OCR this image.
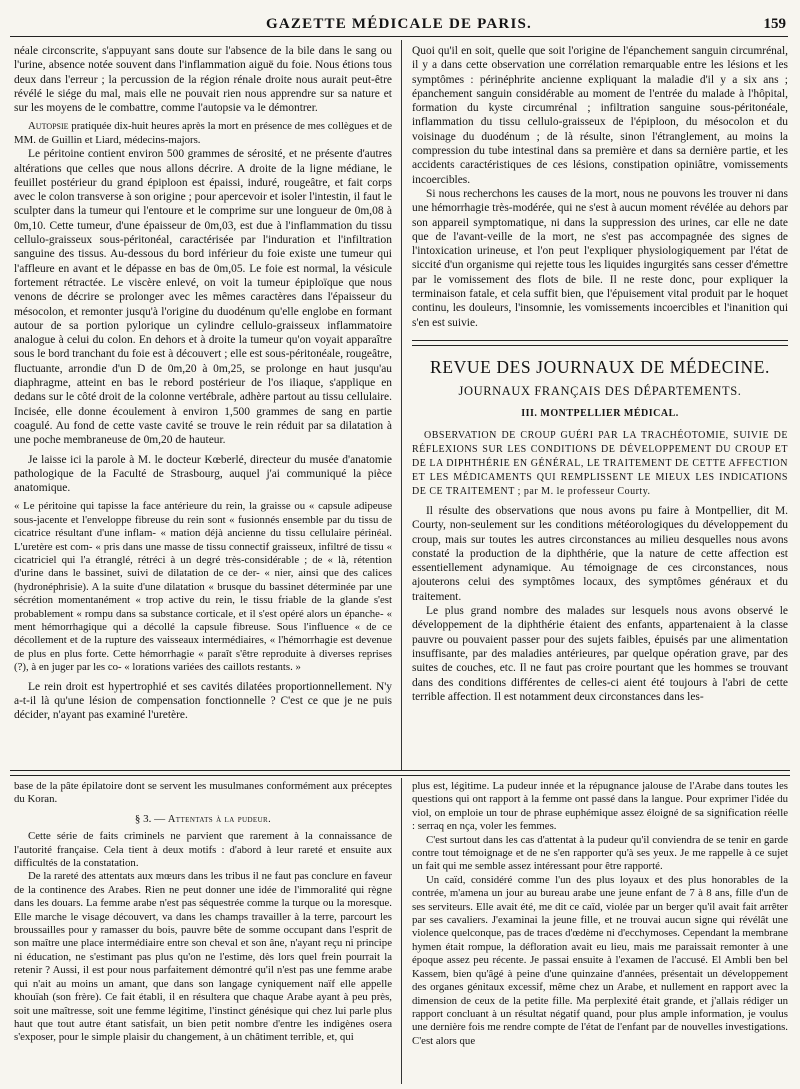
GAZETTE MÉDICALE DE PARIS.	159

néale circonscrite, s'appuyant sans doute sur l'absence de la bile dans le sang ou l'urine, absence notée souvent dans l'inflammation aiguë du foie. Nous étions tous deux dans l'erreur ; la percussion de la région rénale droite nous aurait peut-être révélé le siége du mal, mais elle ne pouvait rien nous apprendre sur sa nature et sur les moyens de le combattre, comme l'autopsie va le démontrer.

Autopsie pratiquée dix-huit heures après la mort en présence de mes collègues et de MM. de Guillin et Liard, médecins-majors.

Le péritoine contient environ 500 grammes de sérosité, et ne présente d'autres altérations que celles que nous allons décrire. A droite de la ligne médiane, le feuillet postérieur du grand épiploon est épaissi, induré, rougeâtre, et fait corps avec le colon transverse à son origine ; pour apercevoir et isoler l'intestin, il faut le sculpter dans la tumeur qui l'entoure et le comprime sur une longueur de 0m,08 à 0m,10. Cette tumeur, d'une épaisseur de 0m,03, est due à l'inflammation du tissu cellulo-graisseux sous-péritonéal, caractérisée par l'induration et l'infiltration sanguine des tissus. Au-dessous du bord inférieur du foie existe une tumeur qui l'affleure en avant et le dépasse en bas de 0m,05. Le foie est normal, la vésicule fortement rétractée. Le viscère enlevé, on voit la tumeur épiploïque que nous venons de décrire se prolonger avec les mêmes caractères dans l'épaisseur du mésocolon, et remonter jusqu'à l'origine du duodénum qu'elle englobe en formant autour de sa portion pylorique un cylindre cellulo-graisseux inflammatoire analogue à celui du colon. En dehors et à droite la tumeur qu'on voyait apparaître sous le bord tranchant du foie est à découvert ; elle est sous-péritonéale, rougeâtre, fluctuante, arrondie d'un D de 0m,20 à 0m,25, se prolonge en haut jusqu'au diaphragme, atteint en bas le rebord postérieur de l'os iliaque, s'applique en dedans sur le côté droit de la colonne vertébrale, adhère partout au tissu cellulaire. Incisée, elle donne écoulement à environ 1,500 grammes de sang en partie coagulé. Au fond de cette vaste cavité se trouve le rein réduit par sa dilatation à une poche membraneuse de 0m,20 de hauteur.

Je laisse ici la parole à M. le docteur Kœberlé, directeur du musée d'anatomie pathologique de la Faculté de Strasbourg, auquel j'ai communiqué la pièce anatomique.

« Le péritoine qui tapisse la face antérieure du rein, la graisse ou « capsule adipeuse sous-jacente et l'enveloppe fibreuse du rein sont « fusionnés ensemble par du tissu de cicatrice résultant d'une inflam- « mation déjà ancienne du tissu cellulaire périnéal. L'uretère est com- « pris dans une masse de tissu connectif graisseux, infiltré de tissu « cicatriciel qui l'a étranglé, rétréci à un degré très-considérable ; de « là, rétention d'urine dans le bassinet, suivi de dilatation de ce der- « nier, ainsi que des calices (hydronéphrisie). A la suite d'une dilatation « brusque du bassinet déterminée par une sécrétion momentanément « trop active du rein, le tissu friable de la glande s'est probablement « rompu dans sa substance corticale, et il s'est opéré alors un épanche- « ment hémorrhagique qui a décollé la capsule fibreuse. Sous l'influence « de ce décollement et de la rupture des vaisseaux intermédiaires, « l'hémorrhagie est devenue de plus en plus forte. Cette hémorrhagie « paraît s'être reproduite à diverses reprises (?), à en juger par les co- « lorations variées des caillots restants. »

Le rein droit est hypertrophié et ses cavités dilatées proportionnellement. N'y a-t-il là qu'une lésion de compensation fonctionnelle ? C'est ce que je ne puis décider, n'ayant pas examiné l'uretère.

Quoi qu'il en soit, quelle que soit l'origine de l'épanchement sanguin circumrénal, il y a dans cette observation une corrélation remarquable entre les lésions et les symptômes : périnéphrite ancienne expliquant la maladie d'il y a six ans ; épanchement sanguin considérable au moment de l'entrée du malade à l'hôpital, formation du kyste circumrénal ; infiltration sanguine sous-péritonéale, inflammation du tissu cellulo-graisseux de l'épiploon, du mésocolon et du voisinage du duodénum ; de là résulte, sinon l'étranglement, au moins la compression du tube intestinal dans sa première et dans sa dernière partie, et les accidents caractéristiques de ces lésions, constipation opiniâtre, vomissements incoercibles.

Si nous recherchons les causes de la mort, nous ne pouvons les trouver ni dans une hémorrhagie très-modérée, qui ne s'est à aucun moment révélée au dehors par son appareil symptomatique, ni dans la suppression des urines, car elle ne date que de l'avant-veille de la mort, ne s'est pas accompagnée des signes de l'intoxication urineuse, et l'on peut l'expliquer physiologiquement par l'état de siccité d'un organisme qui rejette tous les liquides ingurgités sans cesser d'émettre par le vomissement des flots de bile. Il ne reste donc, pour expliquer la terminaison fatale, et cela suffit bien, que l'épuisement vital produit par le hoquet continu, les douleurs, l'insomnie, les vomissements incoercibles et l'inanition qui s'en est suivie.

REVUE DES JOURNAUX DE MÉDECINE.
JOURNAUX FRANÇAIS DES DÉPARTEMENTS.
III. MONTPELLIER MÉDICAL.
OBSERVATION DE CROUP GUÉRI PAR LA TRACHÉOTOMIE, SUIVIE DE RÉFLEXIONS SUR LES CONDITIONS DE DÉVELOPPEMENT DU CROUP ET DE LA DIPHTHÉRIE EN GÉNÉRAL, LE TRAITEMENT DE CETTE AFFECTION ET LES MÉDICAMENTS QUI REMPLISSENT LE MIEUX LES INDICATIONS DE CE TRAITEMENT ; par M. le professeur Courty.

Il résulte des observations que nous avons pu faire à Montpellier, dit M. Courty, non-seulement sur les conditions météorologiques du développement du croup, mais sur toutes les autres circonstances au milieu desquelles nous avons constaté la production de la diphthérie, que la nature de cette affection est essentiellement adynamique. Au témoignage de ces circonstances, nous ajouterons celui des symptômes locaux, des symptômes généraux et du traitement.

Le plus grand nombre des malades sur lesquels nous avons observé le développement de la diphthérie étaient des enfants, appartenaient à la classe pauvre ou pouvaient passer pour des sujets faibles, épuisés par une alimentation insuffisante, par des maladies antérieures, par quelque opération grave, par des suites de couches, etc. Il ne faut pas croire pourtant que les hommes se trouvant dans des conditions différentes de celles-ci aient été toujours à l'abri de cette terrible affection. Il est notamment deux circonstances dans les-

base de la pâte épilatoire dont se servent les musulmanes conformément aux préceptes du Koran.

§ 3. — Attentats à la pudeur.

Cette série de faits criminels ne parvient que rarement à la connaissance de l'autorité française. Cela tient à deux motifs : d'abord à leur rareté et ensuite aux difficultés de la constatation.

De la rareté des attentats aux mœurs dans les tribus il ne faut pas conclure en faveur de la continence des Arabes. Rien ne peut donner une idée de l'immoralité qui règne dans les douars. La femme arabe n'est pas séquestrée comme la turque ou la moresque. Elle marche le visage découvert, va dans les champs travailler à la terre, parcourt les broussailles pour y ramasser du bois, pauvre bête de somme occupant dans l'esprit de son maître une place intermédiaire entre son cheval et son âne, n'ayant reçu ni principe ni éducation, ne s'estimant pas plus qu'on ne l'estime, dès lors quel frein pourrait la retenir ? Aussi, il est pour nous parfaitement démontré qu'il n'est pas une femme arabe qui n'ait au moins un amant, que dans son langage cyniquement naïf elle appelle khouïah (son frère). Ce fait établi, il en résultera que chaque Arabe ayant à peu près, soit une maîtresse, soit une femme légitime, l'instinct génésique qui chez lui parle plus haut que tout autre étant satisfait, un bien petit nombre d'entre les indigènes osera s'exposer, pour le simple plaisir du changement, à un châtiment terrible, et, qui

plus est, légitime. La pudeur innée et la répugnance jalouse de l'Arabe dans toutes les questions qui ont rapport à la femme ont passé dans la langue. Pour exprimer l'idée du viol, on emploie un tour de phrase euphémique assez éloigné de sa signification réelle : serraq en nça, voler les femmes.

C'est surtout dans les cas d'attentat à la pudeur qu'il conviendra de se tenir en garde contre tout témoignage et de ne s'en rapporter qu'à ses yeux. Je me rappelle à ce sujet un fait qui me semble assez intéressant pour être rapporté.

Un caïd, considéré comme l'un des plus loyaux et des plus honorables de la contrée, m'amena un jour au bureau arabe une jeune enfant de 7 à 8 ans, fille d'un de ses serviteurs. Elle avait été, me dit ce caïd, violée par un berger qu'il avait fait arrêter par ses cavaliers. J'examinai la jeune fille, et ne trouvai aucun signe qui révélât une violence quelconque, pas de traces d'œdème ni d'ecchymoses. Cependant la membrane hymen était rompue, la défloration avait eu lieu, mais me paraissait remonter à une époque assez peu récente. Je passai ensuite à l'examen de l'accusé. El Ambli ben bel Kassem, bien qu'âgé à peine d'une quinzaine d'années, présentait un développement des organes génitaux excessif, même chez un Arabe, et nullement en rapport avec la dimension de ceux de la petite fille. Ma perplexité était grande, et j'allais rédiger un rapport concluant à un résultat négatif quand, pour plus ample information, je voulus une dernière fois me rendre compte de l'état de l'enfant par de nouvelles investigations. C'est alors que
